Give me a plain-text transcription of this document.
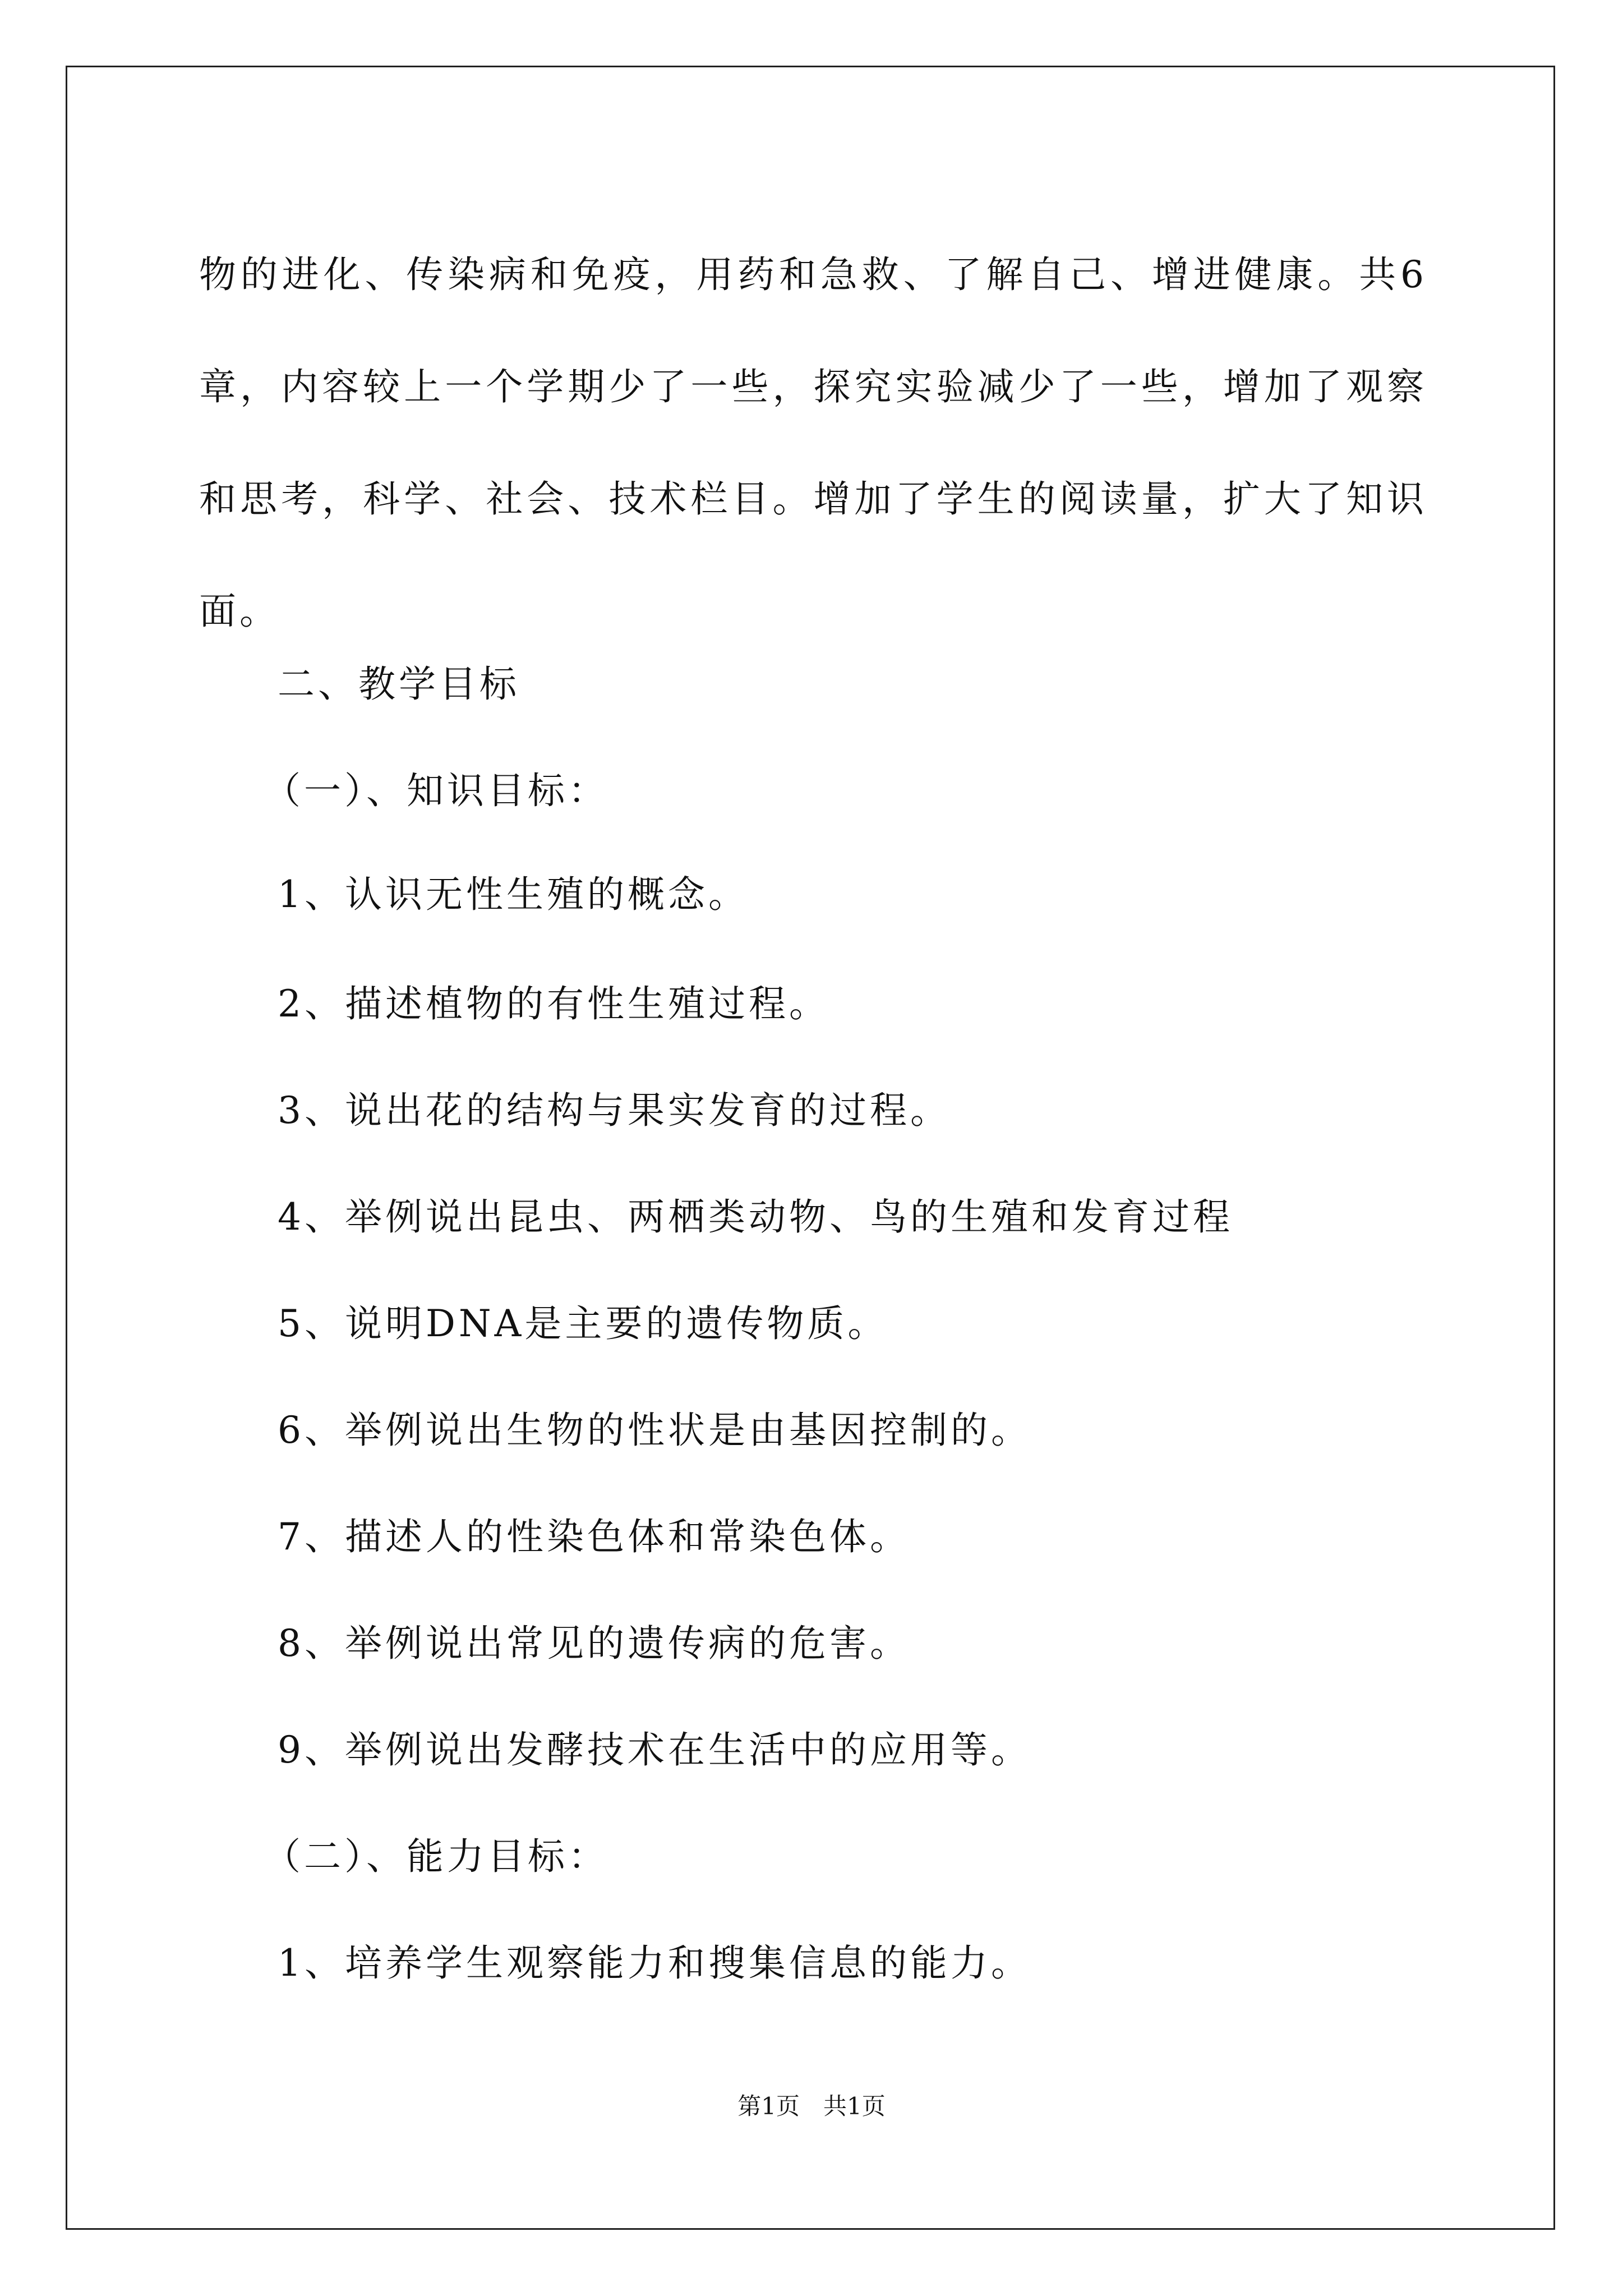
物的进化、传染病和免疫，用药和急救、了解自己、增进健康。共6章，内容较上一个学期少了一些，探究实验减少了一些，增加了观察和思考，科学、社会、技术栏目。增加了学生的阅读量，扩大了知识面。
二、教学目标
（一）、知识目标：
1、认识无性生殖的概念。
2、描述植物的有性生殖过程。
3、说出花的结构与果实发育的过程。
4、举例说出昆虫、两栖类动物、鸟的生殖和发育过程
5、说明DNA是主要的遗传物质。
6、举例说出生物的性状是由基因控制的。
7、描述人的性染色体和常染色体。
8、举例说出常见的遗传病的危害。
9、举例说出发酵技术在生活中的应用等。
（二）、能力目标：
1、培养学生观察能力和搜集信息的能力。
第1页　共1页
